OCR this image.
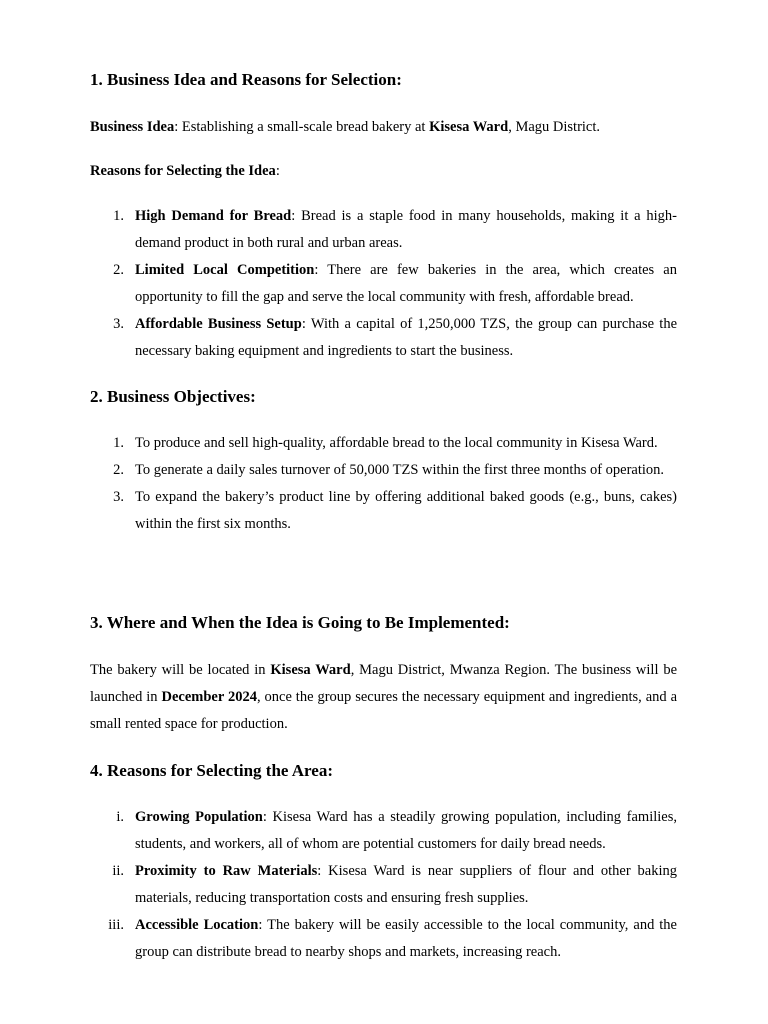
1. Business Idea and Reasons for Selection:

Business Idea: Establishing a small-scale bread bakery at Kisesa Ward, Magu District.

Reasons for Selecting the Idea:

1. High Demand for Bread: Bread is a staple food in many households, making it a high-demand product in both rural and urban areas.
2. Limited Local Competition: There are few bakeries in the area, which creates an opportunity to fill the gap and serve the local community with fresh, affordable bread.
3. Affordable Business Setup: With a capital of 1,250,000 TZS, the group can purchase the necessary baking equipment and ingredients to start the business.
2. Business Objectives:
1. To produce and sell high-quality, affordable bread to the local community in Kisesa Ward.
2. To generate a daily sales turnover of 50,000 TZS within the first three months of operation.
3. To expand the bakery’s product line by offering additional baked goods (e.g., buns, cakes) within the first six months.
3. Where and When the Idea is Going to Be Implemented:

The bakery will be located in Kisesa Ward, Magu District, Mwanza Region. The business will be launched in December 2024, once the group secures the necessary equipment and ingredients, and a small rented space for production.

4. Reasons for Selecting the Area:
i. Growing Population: Kisesa Ward has a steadily growing population, including families, students, and workers, all of whom are potential customers for daily bread needs.
ii. Proximity to Raw Materials: Kisesa Ward is near suppliers of flour and other baking materials, reducing transportation costs and ensuring fresh supplies.
iii. Accessible Location: The bakery will be easily accessible to the local community, and the group can distribute bread to nearby shops and markets, increasing reach.
